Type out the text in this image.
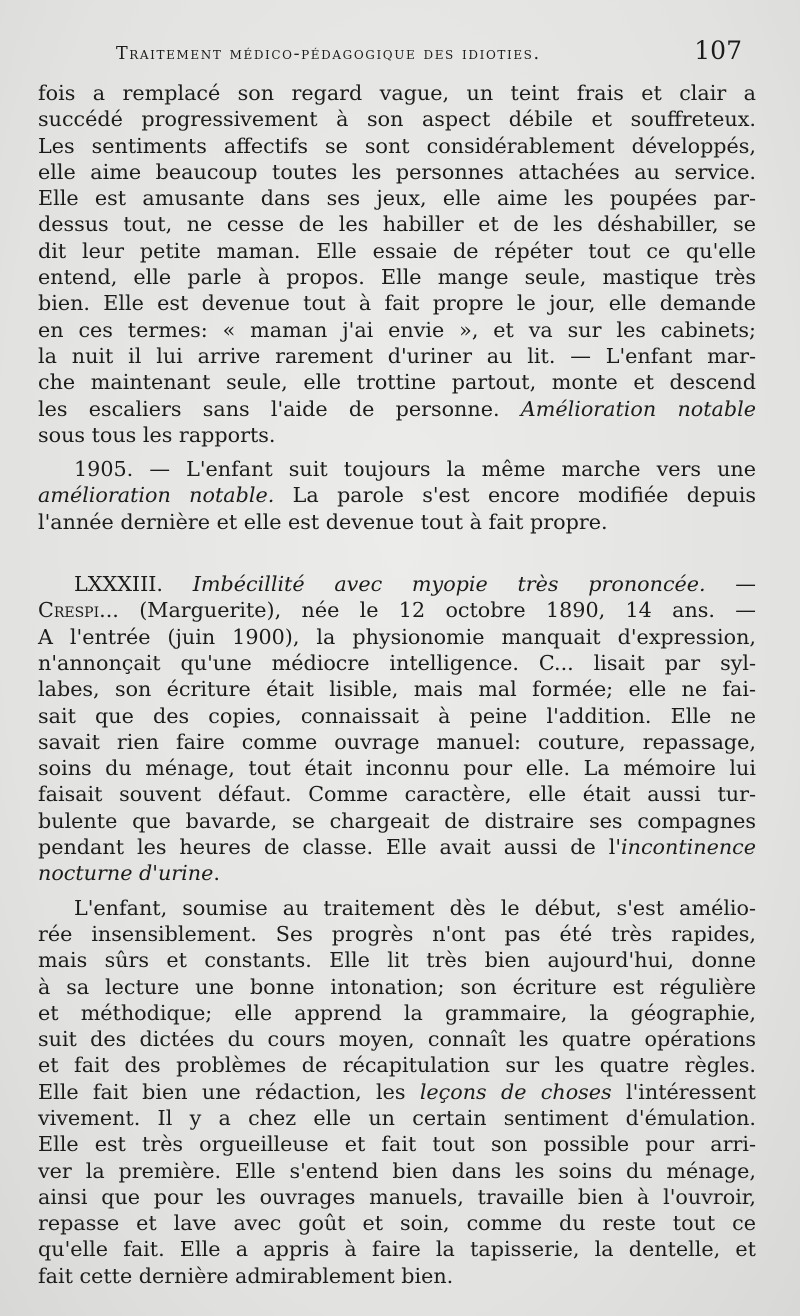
Traitement médico-pédagogique des idioties.	107

fois a remplacé son regard vague, un teint frais et clair a

succédé progressivement à son aspect débile et souffreteux.

Les sentiments affectifs se sont considérablement développés,

elle aime beaucoup toutes les personnes attachées au service.

Elle est amusante dans ses jeux, elle aime les poupées par-

dessus tout, ne cesse de les habiller et de les déshabiller, se

dit leur petite maman. Elle essaie de répéter tout ce qu'elle

entend, elle parle à propos. Elle mange seule, mastique très

bien. Elle est devenue tout à fait propre le jour, elle demande

en ces termes: « maman j'ai envie », et va sur les cabinets;

la nuit il lui arrive rarement d'uriner au lit. — L'enfant mar-

che maintenant seule, elle trottine partout, monte et descend

les escaliers sans l'aide de personne. Amélioration notable

sous tous les rapports.

1905. — L'enfant suit toujours la même marche vers une

amélioration notable. La parole s'est encore modifiée depuis

l'année dernière et elle est devenue tout à fait propre.

LXXXIII. Imbécillité avec myopie très prononcée. —

Crespi... (Marguerite), née le 12 octobre 1890, 14 ans. —

A l'entrée (juin 1900), la physionomie manquait d'expression,

n'annonçait qu'une médiocre intelligence. C... lisait par syl-

labes, son écriture était lisible, mais mal formée; elle ne fai-

sait que des copies, connaissait à peine l'addition. Elle ne

savait rien faire comme ouvrage manuel: couture, repassage,

soins du ménage, tout était inconnu pour elle. La mémoire lui

faisait souvent défaut. Comme caractère, elle était aussi tur-

bulente que bavarde, se chargeait de distraire ses compagnes

pendant les heures de classe. Elle avait aussi de l'incontinence

nocturne d'urine.

L'enfant, soumise au traitement dès le début, s'est amélio-

rée insensiblement. Ses progrès n'ont pas été très rapides,

mais sûrs et constants. Elle lit très bien aujourd'hui, donne

à sa lecture une bonne intonation; son écriture est régulière

et méthodique; elle apprend la grammaire, la géographie,

suit des dictées du cours moyen, connaît les quatre opérations

et fait des problèmes de récapitulation sur les quatre règles.

Elle fait bien une rédaction, les leçons de choses l'intéressent

vivement. Il y a chez elle un certain sentiment d'émulation.

Elle est très orgueilleuse et fait tout son possible pour arri-

ver la première. Elle s'entend bien dans les soins du ménage,

ainsi que pour les ouvrages manuels, travaille bien à l'ouvroir,

repasse et lave avec goût et soin, comme du reste tout ce

qu'elle fait. Elle a appris à faire la tapisserie, la dentelle, et

fait cette dernière admirablement bien.
